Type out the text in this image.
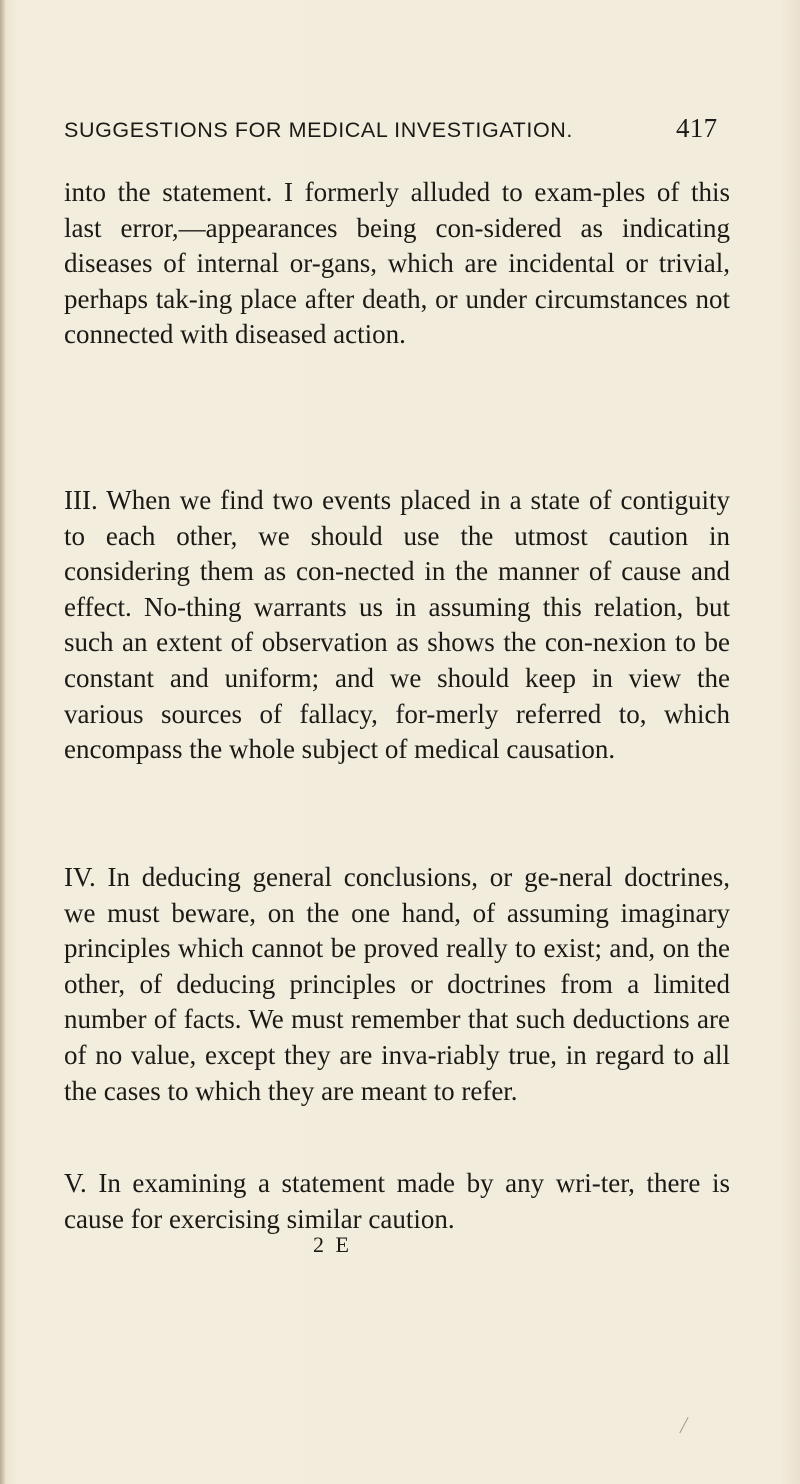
SUGGESTIONS FOR MEDICAL INVESTIGATION.	417

into the statement. I formerly alluded to exam-ples of this last error,—appearances being con-sidered as indicating diseases of internal or-gans, which are incidental or trivial, perhaps tak-ing place after death, or under circumstances not connected with diseased action.

III. When we find two events placed in a state of contiguity to each other, we should use the utmost caution in considering them as con-nected in the manner of cause and effect. No-thing warrants us in assuming this relation, but such an extent of observation as shows the con-nexion to be constant and uniform; and we should keep in view the various sources of fallacy, for-merly referred to, which encompass the whole subject of medical causation.

IV. In deducing general conclusions, or ge-neral doctrines, we must beware, on the one hand, of assuming imaginary principles which cannot be proved really to exist; and, on the other, of deducing principles or doctrines from a limited number of facts. We must remember that such deductions are of no value, except they are inva-riably true, in regard to all the cases to which they are meant to refer.

V. In examining a statement made by any wri-ter, there is cause for exercising similar caution.

2 E
